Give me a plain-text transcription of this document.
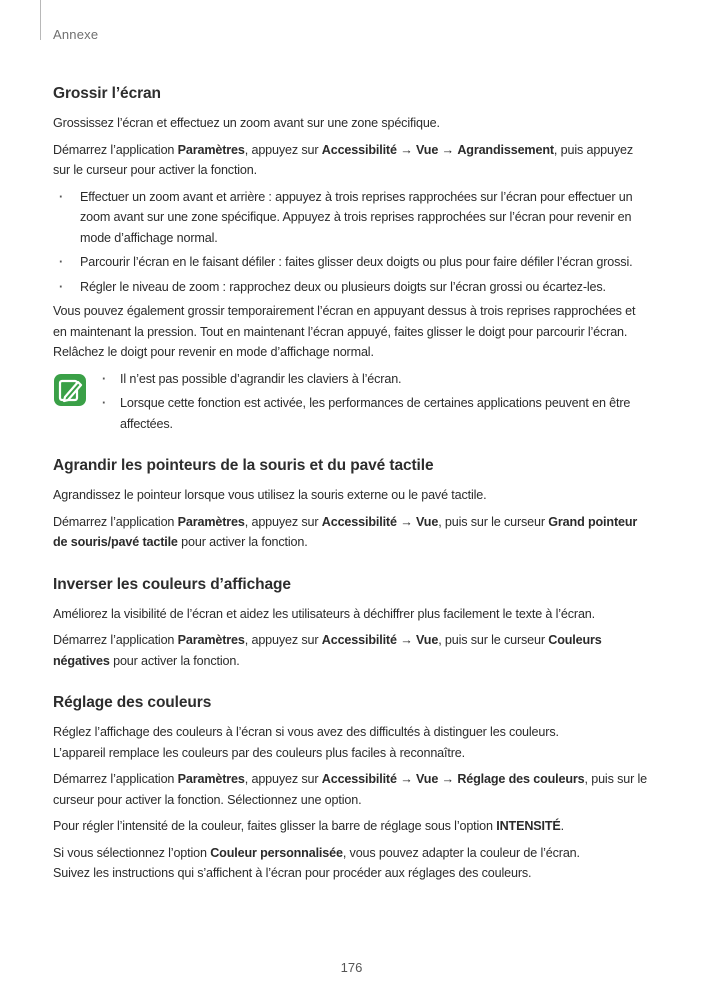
Annexe
Grossir l’écran

Grossissez l’écran et effectuez un zoom avant sur une zone spécifique.

Démarrez l’application Paramètres, appuyez sur Accessibilité → Vue → Agrandissement, puis appuyez sur le curseur pour activer la fonction.

· Effectuer un zoom avant et arrière : appuyez à trois reprises rapprochées sur l’écran pour effectuer un zoom avant sur une zone spécifique. Appuyez à trois reprises rapprochées sur l’écran pour revenir en mode d’affichage normal.
· Parcourir l’écran en le faisant défiler : faites glisser deux doigts ou plus pour faire défiler l’écran grossi.
· Régler le niveau de zoom : rapprochez deux ou plusieurs doigts sur l’écran grossi ou écartez-les.

Vous pouvez également grossir temporairement l’écran en appuyant dessus à trois reprises rapprochées et en maintenant la pression. Tout en maintenant l’écran appuyé, faites glisser le doigt pour parcourir l’écran. Relâchez le doigt pour revenir en mode d’affichage normal.

· Il n’est pas possible d’agrandir les claviers à l’écran.
· Lorsque cette fonction est activée, les performances de certaines applications peuvent en être affectées.
Agrandir les pointeurs de la souris et du pavé tactile

Agrandissez le pointeur lorsque vous utilisez la souris externe ou le pavé tactile.

Démarrez l’application Paramètres, appuyez sur Accessibilité → Vue, puis sur le curseur Grand pointeur de souris/pavé tactile pour activer la fonction.

Inverser les couleurs d’affichage

Améliorez la visibilité de l’écran et aidez les utilisateurs à déchiffrer plus facilement le texte à l’écran.

Démarrez l’application Paramètres, appuyez sur Accessibilité → Vue, puis sur le curseur Couleurs négatives pour activer la fonction.

Réglage des couleurs

Réglez l’affichage des couleurs à l’écran si vous avez des difficultés à distinguer les couleurs.
L’appareil remplace les couleurs par des couleurs plus faciles à reconnaître.

Démarrez l’application Paramètres, appuyez sur Accessibilité → Vue → Réglage des couleurs, puis sur le curseur pour activer la fonction. Sélectionnez une option.

Pour régler l’intensité de la couleur, faites glisser la barre de réglage sous l’option INTENSITÉ.

Si vous sélectionnez l’option Couleur personnalisée, vous pouvez adapter la couleur de l’écran.
Suivez les instructions qui s’affichent à l’écran pour procéder aux réglages des couleurs.

176
